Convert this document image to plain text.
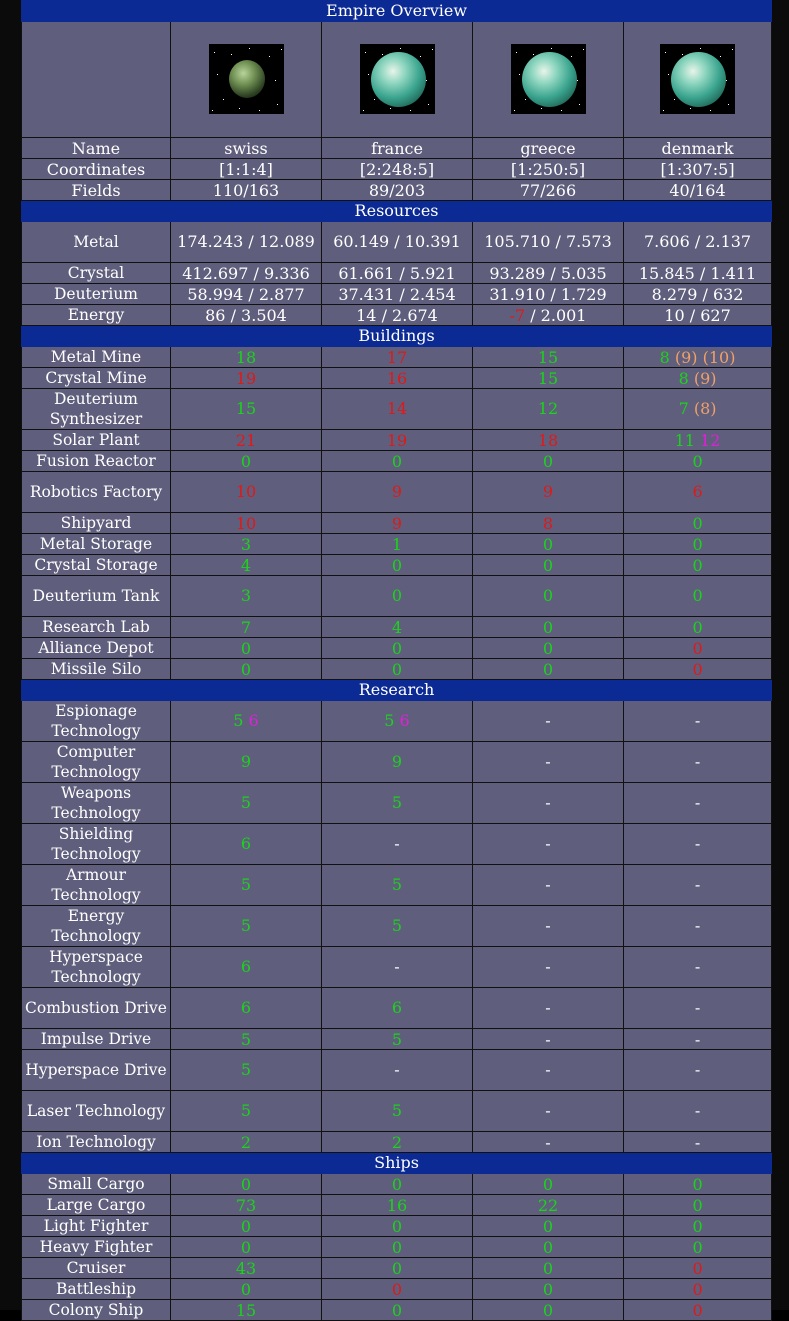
Empire Overview				

Name	swiss	france	greece	denmark
Coordinates	[1:1:4]	[2:248:5]	[1:250:5]	[1:307:5]
Fields	110/163	89/203	77/266	40/164
Resources				
Metal	174.243 / 12.089	60.149 / 10.391	105.710 / 7.573	7.606 / 2.137
Crystal	412.697 / 9.336	61.661 / 5.921	93.289 / 5.035	15.845 / 1.411
Deuterium	58.994 / 2.877	37.431 / 2.454	31.910 / 1.729	8.279 / 632
Energy	86 / 3.504	14 / 2.674	-7 / 2.001	10 / 627
Buildings				
Metal Mine	18	17	15	8 (9) (10)
Crystal Mine	19	16	15	8 (9)
Deuterium Synthesizer	15	14	12	7 (8)
Solar Plant	21	19	18	11 12
Fusion Reactor	0	0	0	0
Robotics Factory	10	9	9	6
Shipyard	10	9	8	0
Metal Storage	3	1	0	0
Crystal Storage	4	0	0	0
Deuterium Tank	3	0	0	0
Research Lab	7	4	0	0
Alliance Depot	0	0	0	0
Missile Silo	0	0	0	0
Research				
Espionage Technology	5 6	5 6	-	-
Computer Technology	9	9	-	-
Weapons Technology	5	5	-	-
Shielding Technology	6	-	-	-
Armour Technology	5	5	-	-
Energy Technology	5	5	-	-
Hyperspace Technology	6	-	-	-
Combustion Drive	6	6	-	-
Impulse Drive	5	5	-	-
Hyperspace Drive	5	-	-	-
Laser Technology	5	5	-	-
Ion Technology	2	2	-	-
Ships				
Small Cargo	0	0	0	0
Large Cargo	73	16	22	0
Light Fighter	0	0	0	0
Heavy Fighter	0	0	0	0
Cruiser	43	0	0	0
Battleship	0	0	0	0
Colony Ship	15	0	0	0
